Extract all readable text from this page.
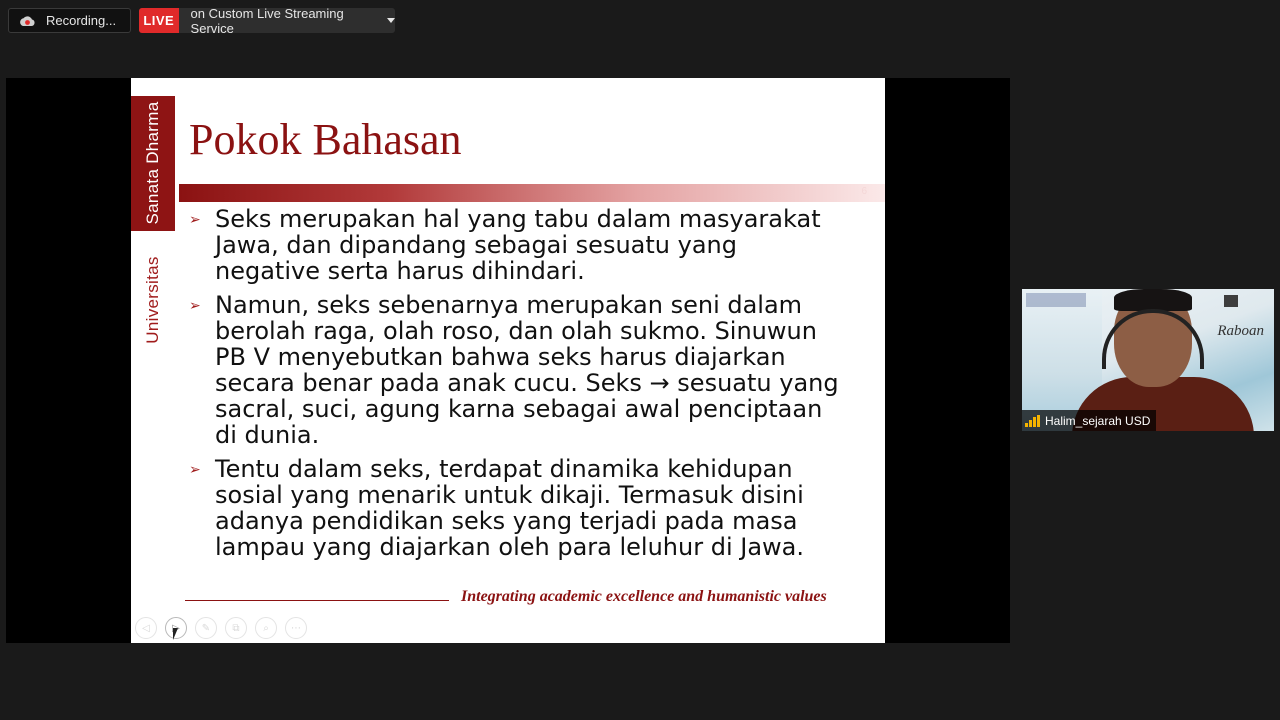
Recording...	LIVE	on Custom Live Streaming Service
Sanata Dharma
Universitas
Pokok Bahasan
6
➢ Seks merupakan hal yang tabu dalam masyarakat
Jawa, dan dipandang sebagai sesuatu yang
negative serta harus dihindari.
➢ Namun, seks sebenarnya merupakan seni dalam
berolah raga, olah roso, dan olah sukmo. Sinuwun
PB V menyebutkan bahwa seks harus diajarkan
secara benar pada anak cucu. Seks → sesuatu yang
sacral, suci, agung karna sebagai awal penciptaan
di dunia.
➢ Tentu dalam seks, terdapat dinamika kehidupan
sosial yang menarik untuk dikaji. Termasuk disini
adanya pendidikan seks yang terjadi pada masa
lampau yang diajarkan oleh para leluhur di Jawa.
Integrating academic excellence and humanistic values
◁	▷	✎	⧉	⌕	⋯
Raboan
Halim_sejarah USD
